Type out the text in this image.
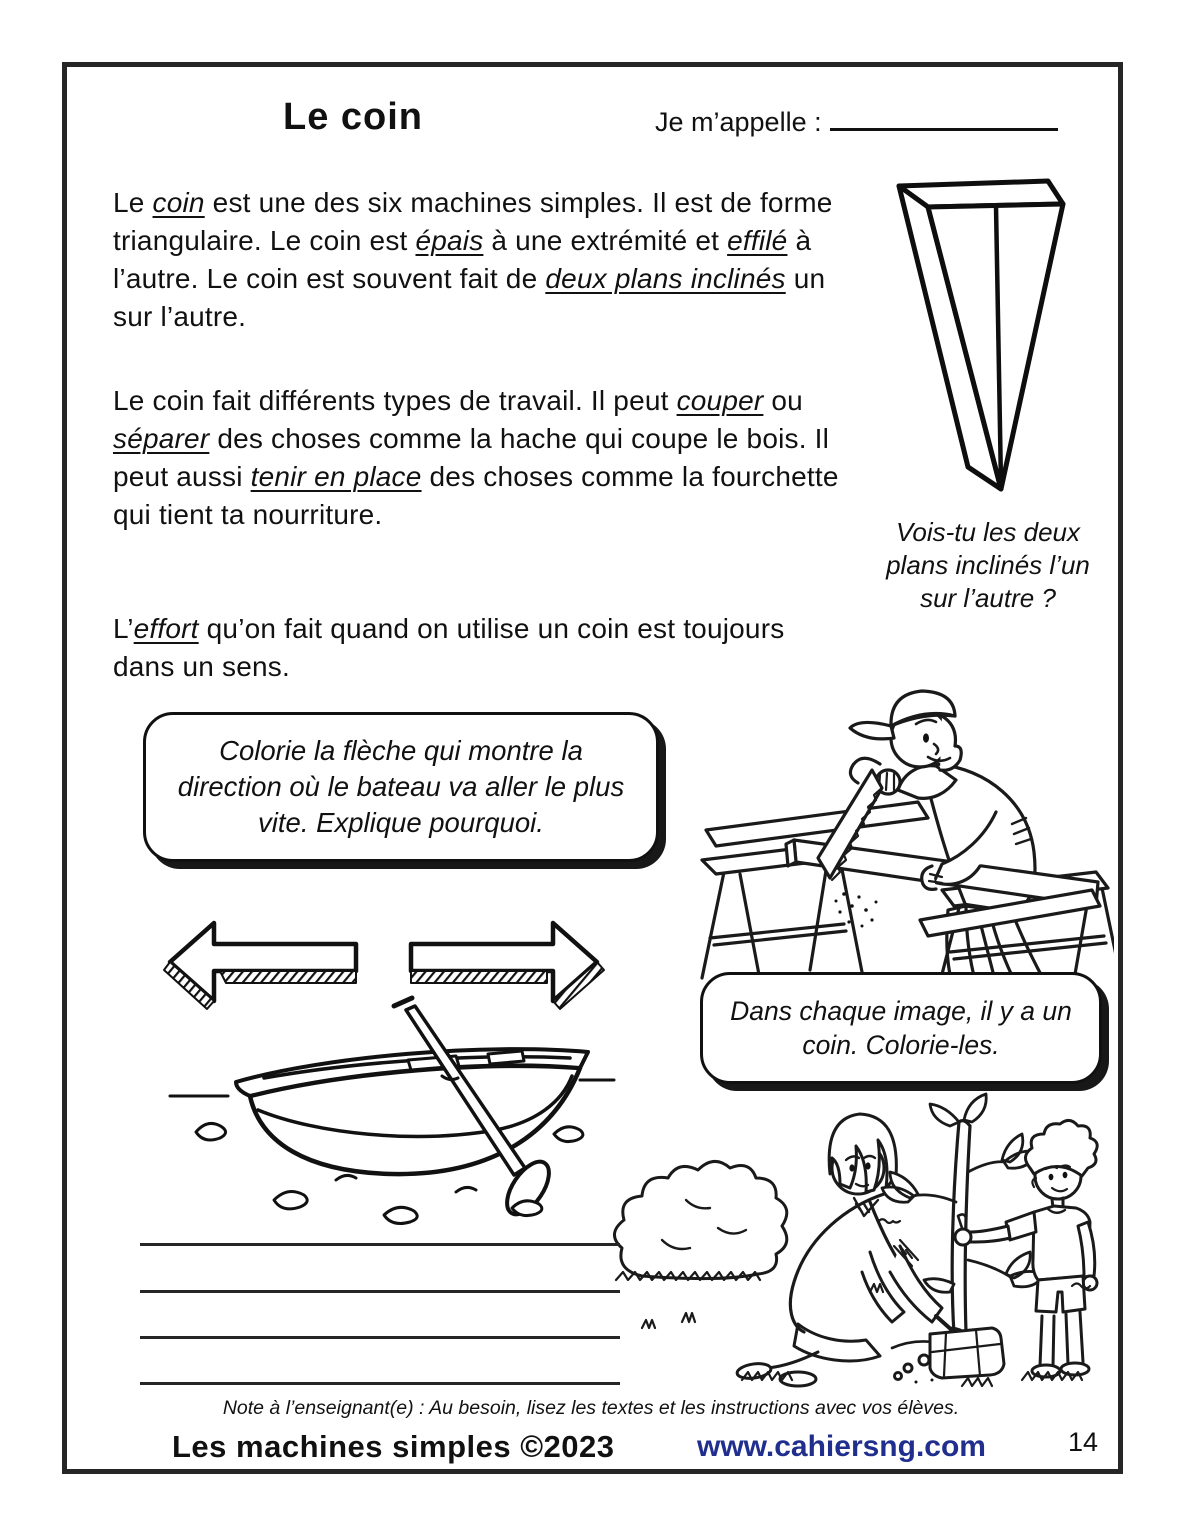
Le coin	Je m’appelle :
Le coin est une des six machines simples. Il est de forme triangulaire. Le coin est épais à une extrémité et effilé à l’autre. Le coin est souvent fait de deux plans inclinés un sur l’autre.
Le coin fait différents types de travail. Il peut couper ou séparer des choses comme la hache qui coupe le bois. Il peut aussi tenir en place des choses comme la fourchette qui tient ta nourriture.
Vois-tu les deux plans inclinés l’un sur l’autre ?
L’effort qu’on fait quand on utilise un coin est toujours dans un sens.
Colorie la flèche qui montre la direction où le bateau va aller le plus vite. Explique pourquoi.
Dans chaque image, il y a un coin. Colorie-les.
Note à l’enseignant(e) : Au besoin, lisez les textes et les instructions avec vos élèves.
Les machines simples ©2023	www.cahiersng.com	14
